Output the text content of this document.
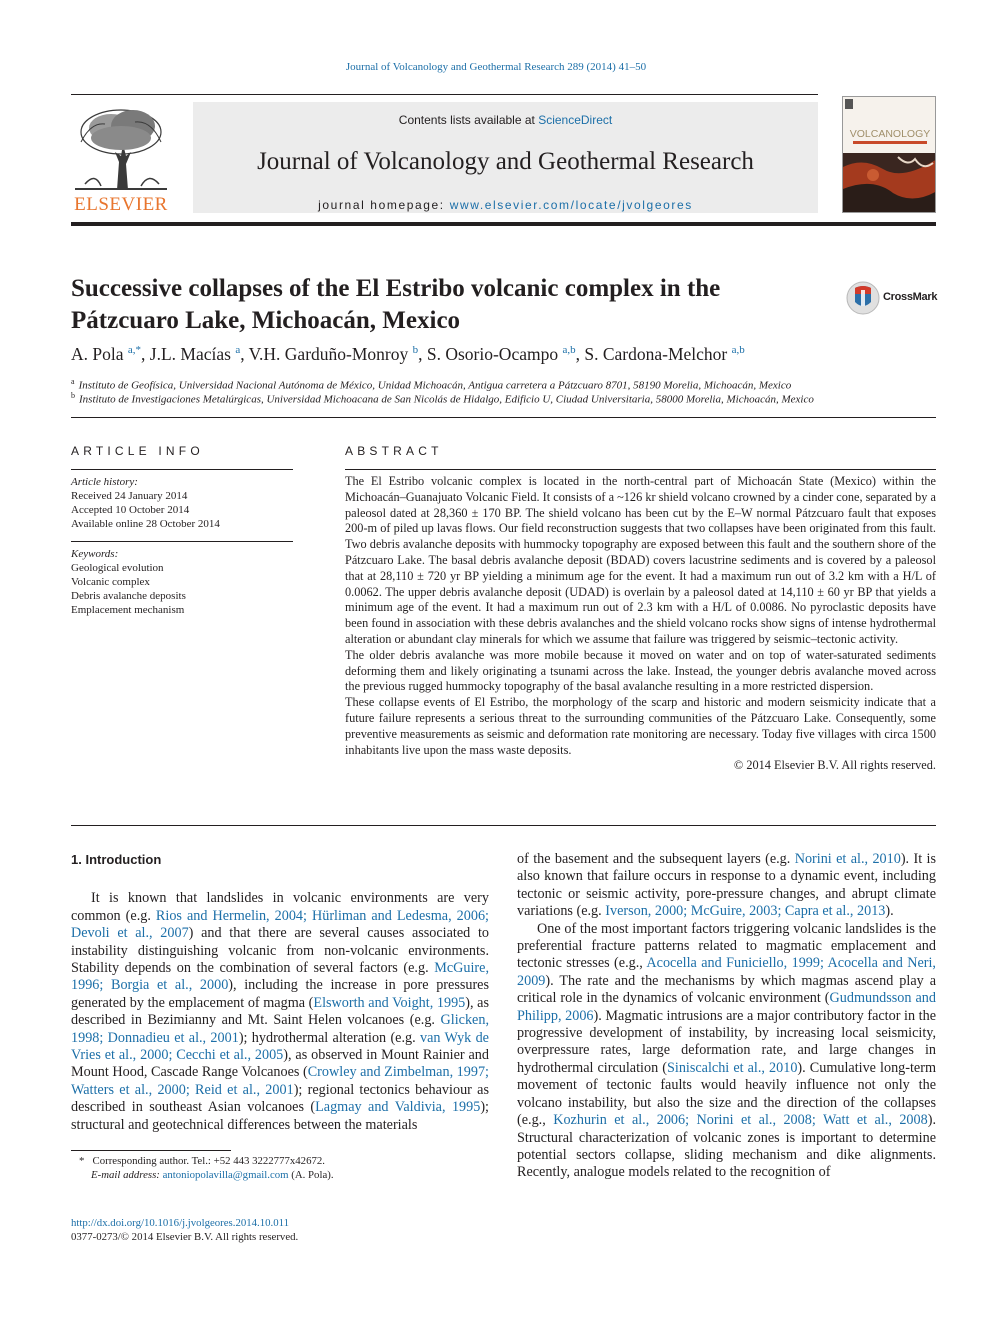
Journal of Volcanology and Geothermal Research 289 (2014) 41–50
ELSEVIER
Contents lists available at ScienceDirect
Journal of Volcanology and Geothermal Research
journal homepage: www.elsevier.com/locate/jvolgeores
VOLCANOLOGY
Successive collapses of the El Estribo volcanic complex in the Pátzcuaro Lake, Michoacán, Mexico
CrossMark
A. Pola $^{a,*}$, J.L. Macías $^a$, V.H. Garduño-Monroy $^b$, S. Osorio-Ocampo $^{a,b}$, S. Cardona-Melchor $^{a,b}$
$^a$ Instituto de Geofísica, Universidad Nacional Autónoma de México, Unidad Michoacán, Antigua carretera a Pátzcuaro 8701, 58190 Morelia, Michoacán, Mexico
$^b$ Instituto de Investigaciones Metalúrgicas, Universidad Michoacana de San Nicolás de Hidalgo, Edificio U, Ciudad Universitaria, 58000 Morelia, Michoacán, Mexico
ARTICLE INFO
Article history:
Received 24 January 2014
Accepted 10 October 2014
Available online 28 October 2014
Keywords:
Geological evolution
Volcanic complex
Debris avalanche deposits
Emplacement mechanism
ABSTRACT

The El Estribo volcanic complex is located in the north-central part of Michoacán State (Mexico) within the Michoacán–Guanajuato Volcanic Field. It consists of a ~126 kr shield volcano crowned by a cinder cone, separated by a paleosol dated at 28,360 ± 170 BP. The shield volcano has been cut by the E–W normal Pátzcuaro fault that exposes 200-m of piled up lavas flows. Our field reconstruction suggests that two collapses have been originated from this fault. Two debris avalanche deposits with hummocky topography are exposed between this fault and the southern shore of the Pátzcuaro Lake. The basal debris avalanche deposit (BDAD) covers lacustrine sediments and is covered by a paleosol that at 28,110 ± 720 yr BP yielding a minimum age for the event. It had a maximum run out of 3.2 km with a H/L of 0.0062. The upper debris avalanche deposit (UDAD) is overlain by a paleosol dated at 14,110 ± 60 yr BP that yields a minimum age of the event. It had a maximum run out of 2.3 km with a H/L of 0.0086. No pyroclastic deposits have been found in association with these debris avalanches and the shield volcano rocks show signs of intense hydrothermal alteration or abundant clay minerals for which we assume that failure was triggered by seismic–tectonic activity.

The older debris avalanche was more mobile because it moved on water and on top of water-saturated sediments deforming them and likely originating a tsunami across the lake. Instead, the younger debris avalanche moved across the previous rugged hummocky topography of the basal avalanche resulting in a more restricted dispersion.

These collapse events of El Estribo, the morphology of the scarp and historic and modern seismicity indicate that a future failure represents a serious threat to the surrounding communities of the Pátzcuaro Lake. Consequently, some preventive measurements as seismic and deformation rate monitoring are necessary. Today five villages with circa 1500 inhabitants live upon the mass waste deposits.

© 2014 Elsevier B.V. All rights reserved.

1. Introduction

It is known that landslides in volcanic environments are very common (e.g. Rios and Hermelin, 2004; Hürliman and Ledesma, 2006; Devoli et al., 2007) and that there are several causes associated to instability distinguishing volcanic from non-volcanic environments. Stability depends on the combination of several factors (e.g. McGuire, 1996; Borgia et al., 2000), including the increase in pore pressures generated by the emplacement of magma (Elsworth and Voight, 1995), as described in Bezimianny and Mt. Saint Helen volcanoes (e.g. Glicken, 1998; Donnadieu et al., 2001); hydrothermal alteration (e.g. van Wyk de Vries et al., 2000; Cecchi et al., 2005), as observed in Mount Rainier and Mount Hood, Cascade Range Volcanoes (Crowley and Zimbelman, 1997; Watters et al., 2000; Reid et al., 2001); regional tectonics behaviour as described in southeast Asian volcanoes (Lagmay and Valdivia, 1995); structural and geotechnical differences between the materials

of the basement and the subsequent layers (e.g. Norini et al., 2010). It is also known that failure occurs in response to a dynamic event, including tectonic or seismic activity, pore-pressure changes, and abrupt climate variations (e.g. Iverson, 2000; McGuire, 2003; Capra et al., 2013).

One of the most important factors triggering volcanic landslides is the preferential fracture patterns related to magmatic emplacement and tectonic stresses (e.g., Acocella and Funiciello, 1999; Acocella and Neri, 2009). The rate and the mechanisms by which magmas ascend play a critical role in the dynamics of volcanic environment (Gudmundsson and Philipp, 2006). Magmatic intrusions are a major contributory factor in the progressive development of instability, by increasing local seismicity, overpressure rates, large deformation rate, and large changes in hydrothermal circulation (Siniscalchi et al., 2010). Cumulative long-term movement of tectonic faults would heavily influence not only the volcano instability, but also the size and the direction of the collapses (e.g., Kozhurin et al., 2006; Norini et al., 2008; Watt et al., 2008). Structural characterization of volcanic zones is important to determine potential sectors collapse, sliding mechanism and dike alignments. Recently, analogue models related to the recognition of

* Corresponding author. Tel.: +52 443 3222777x42672.
E-mail address: antoniopolavilla@gmail.com (A. Pola).
http://dx.doi.org/10.1016/j.jvolgeores.2014.10.011
0377-0273/© 2014 Elsevier B.V. All rights reserved.
